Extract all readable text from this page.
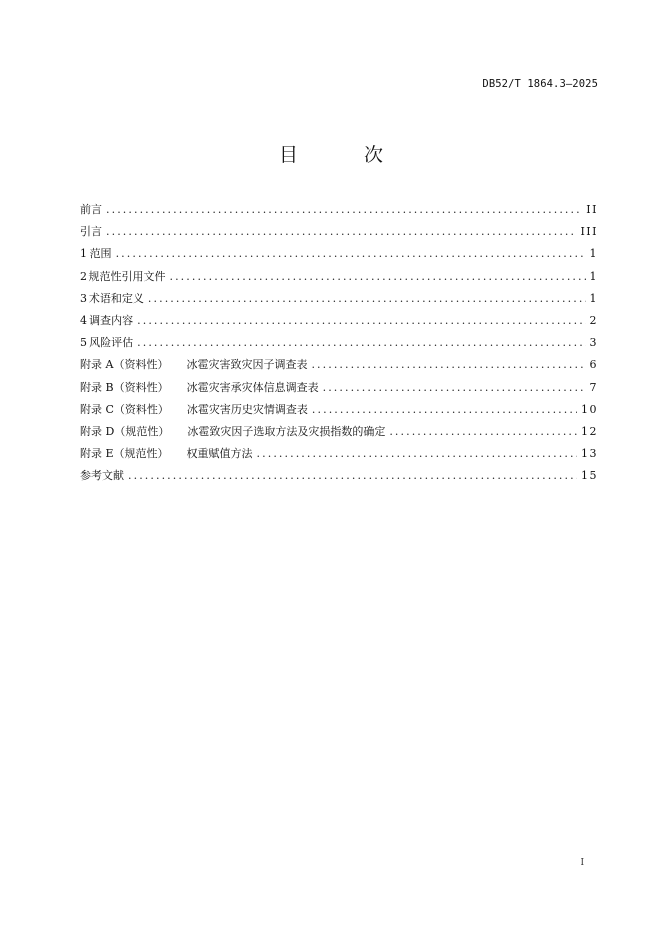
DB52/T 1864.3—2025
目 次
前言 .....	II
引言 .....	III
1 范围 .....	1
2 规范性引用文件 .....	1
3 术语和定义 .....	1
4 调查内容 .....	2
5 风险评估 .....	3
附录 A （资料性） 冰雹灾害致灾因子调查表 .....	6
附录 B （资料性） 冰雹灾害承灾体信息调查表 .....	7
附录 C （资料性） 冰雹灾害历史灾情调查表 .....	10
附录 D （规范性） 冰雹致灾因子选取方法及灾损指数的确定 .....	12
附录 E （规范性） 权重赋值方法 .....	13
参考文献 .....	15
I
